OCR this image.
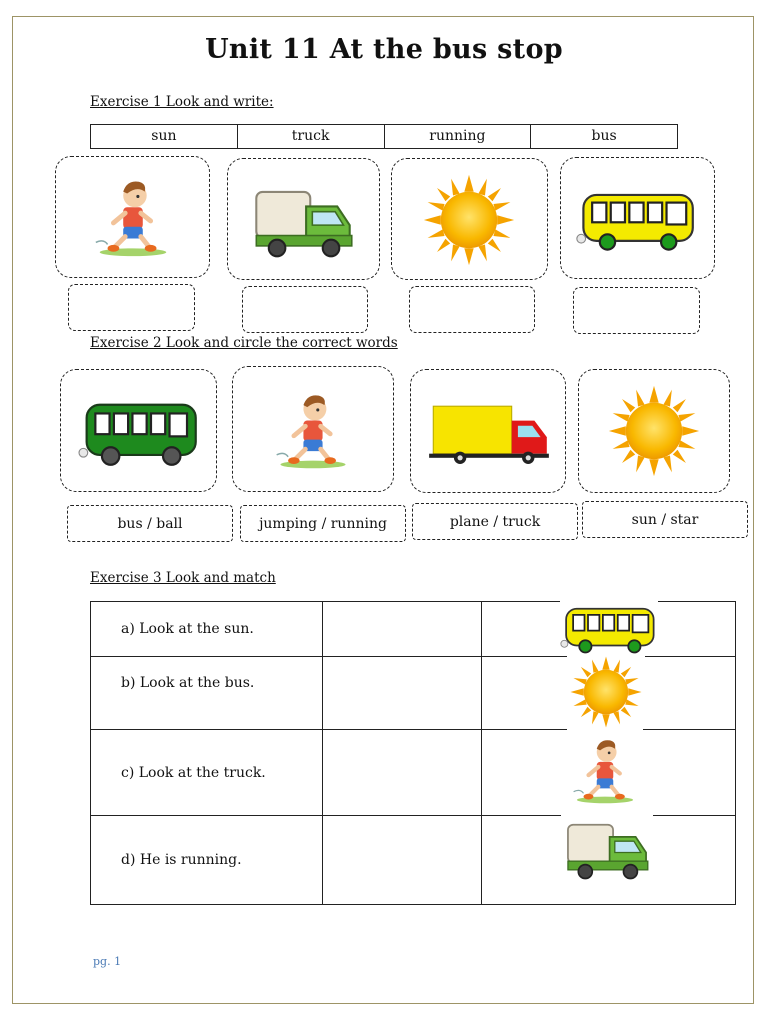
Unit 11 At the bus stop
Exercise 1 Look and write:
sun	truck	running	bus
Exercise 2 Look and circle the correct words
bus / ball	jumping / running	plane / truck	sun / star
Exercise 3 Look and match
a) Look at the sun.		
b) Look at the bus.		
c) Look at the truck.		
d) He is running.		
pg. 1
